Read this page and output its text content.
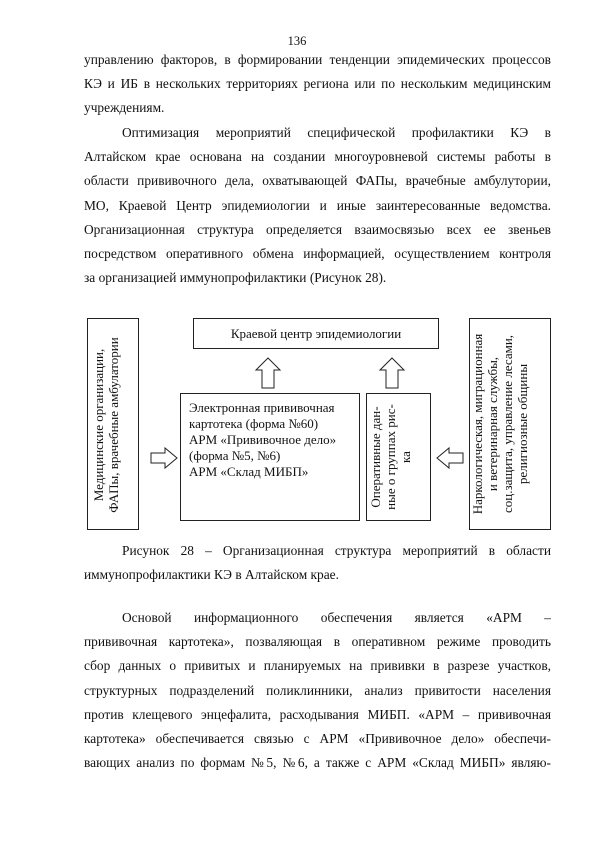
136
управлению факторов, в формировании тенденции эпидемических процессов
КЭ и ИБ в нескольких территориях региона или по нескольким медицинским
учреждениям.
Оптимизация мероприятий специфической профилактики КЭ в
Алтайском крае основана на создании многоуровневой системы работы в
области прививочного дела, охватывающей ФАПы, врачебные амбулутории,
МО, Краевой Центр эпидемиологии и иные заинтересованные ведомства.
Организационная структура определяется взаимосвязью всех ее звеньев
посредством оперативного обмена информацией, осуществлением контроля
за организацией иммунопрофилактики (Рисунок 28).
Медицинские организации,
ФАПы, врачебные амбулатории
Краевой центр эпидемиологии
Электронная прививочная
картотека (форма №60)
АРМ «Прививочное дело»
(форма №5, №6)
АРМ «Склад МИБП»	Оперативные дан-
ные о группах рис-
ка	Наркологическая, миграционная
и ветеринарная службы,
соц.защита, управление лесами,
религиозные общины
Рисунок 28 – Организационная структура мероприятий в области
иммунопрофилактики КЭ в Алтайском крае.
Основой информационного обеспечения является «АРМ –
прививочная картотека», позваляющая в оперативном режиме проводить
сбор данных о привитых и планируемых на прививки в разрезе участков,
структурных подразделений поликлинники, анализ привитости населения
против клещевого энцефалита, расходывания МИБП. «АРМ – прививочная
картотека» обеспечивается связью с АРМ «Прививочное дело» обеспечи-
вающих анализ по формам №5, №6, а также с АРМ «Склад МИБП» являю-
